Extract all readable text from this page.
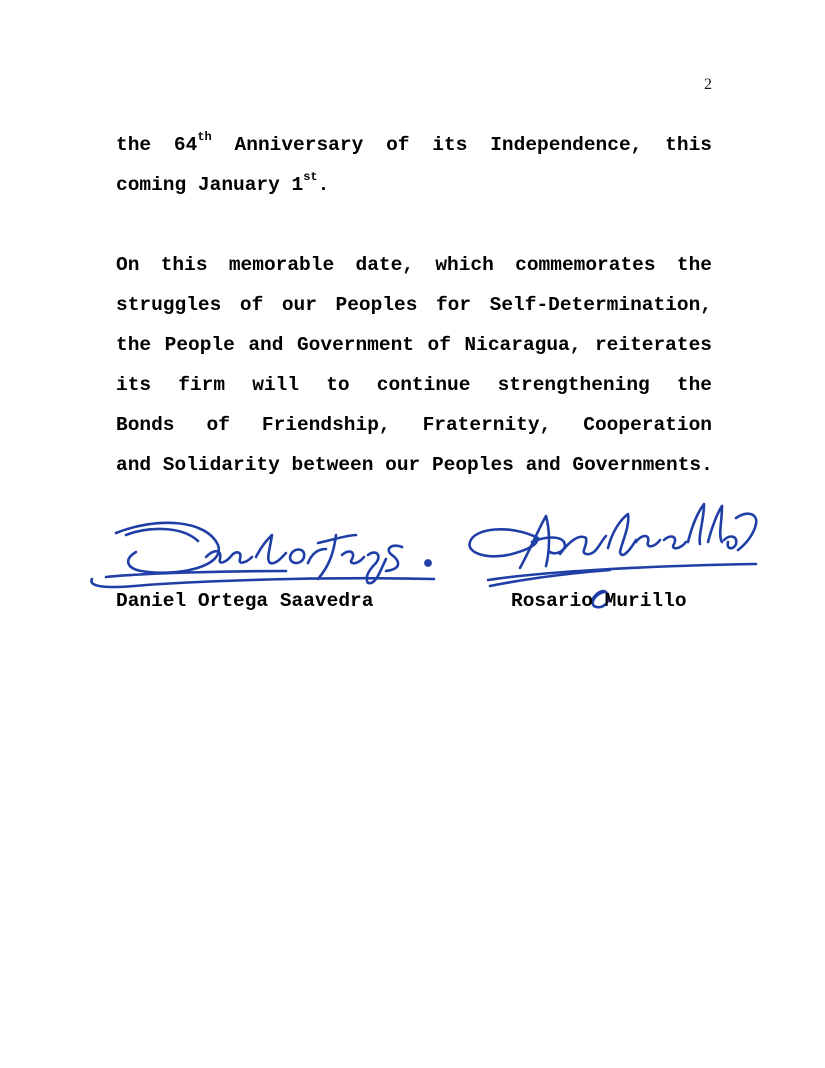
2
the 64th Anniversary of its Independence, this
coming January 1st.
On this memorable date, which commemorates the
struggles of our Peoples for Self-Determination,
the People and Government of Nicaragua, reiterates
its firm will to continue strengthening the
Bonds of Friendship, Fraternity, Cooperation
and Solidarity between our Peoples and Governments.
Daniel Ortega Saavedra	Rosario Murillo
